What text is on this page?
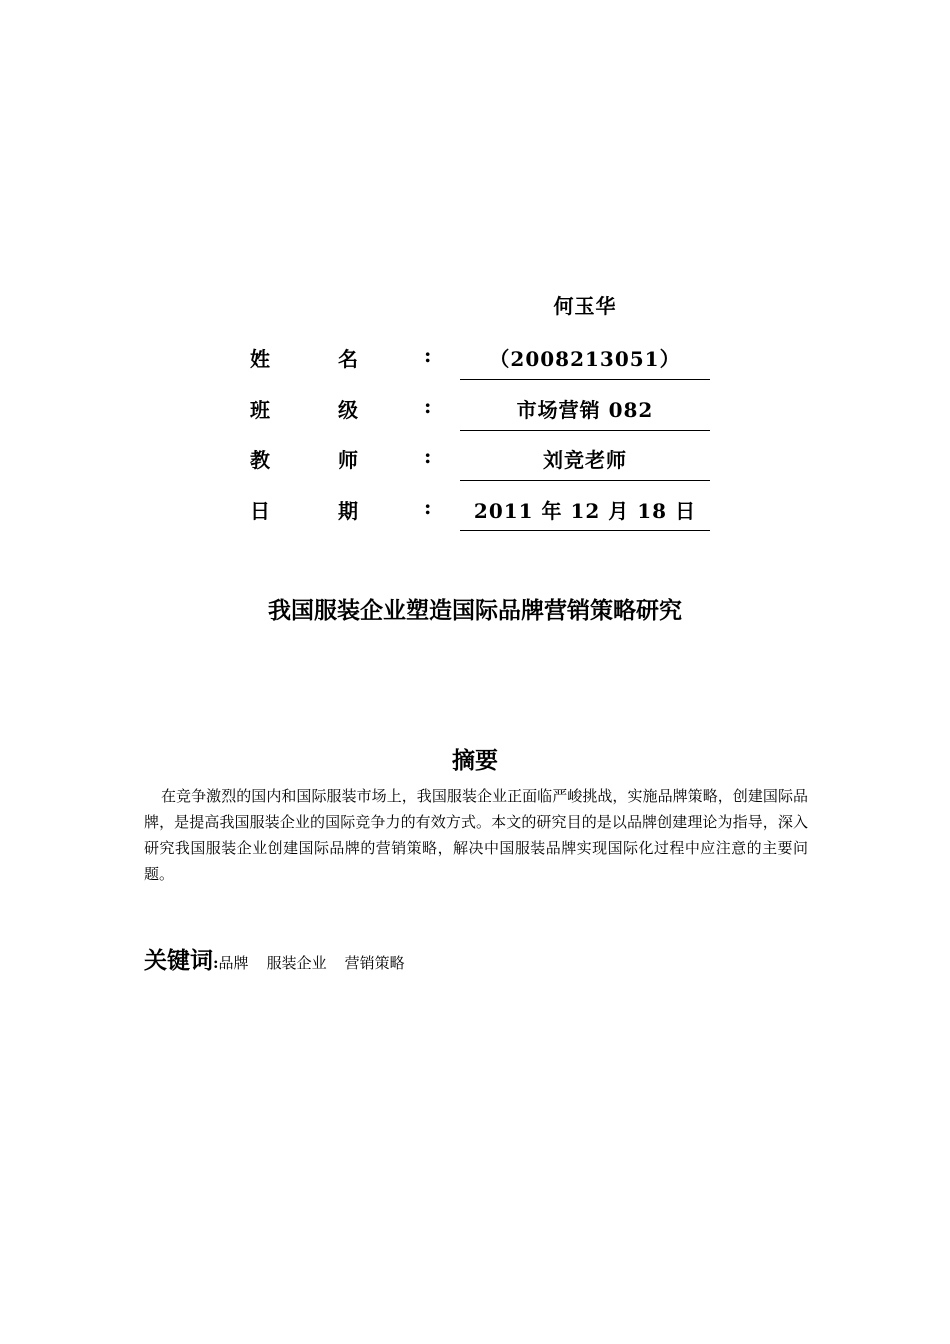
何玉华
姓	名	:	（2008213051）
班	级	:	市场营销 082
教	师	:	刘竞老师
日	期	:	2011 年 12 月 18 日
我国服装企业塑造国际品牌营销策略研究
摘要
在竞争激烈的国内和国际服装市场上，我国服装企业正面临严峻挑战，实施品牌策略，创建国际品牌，是提高我国服装企业的国际竞争力的有效方式。本文的研究目的是以品牌创建理论为指导，深入研究我国服装企业创建国际品牌的营销策略，解决中国服装品牌实现国际化过程中应注意的主要问题。
关键词:品牌 服装企业 营销策略
